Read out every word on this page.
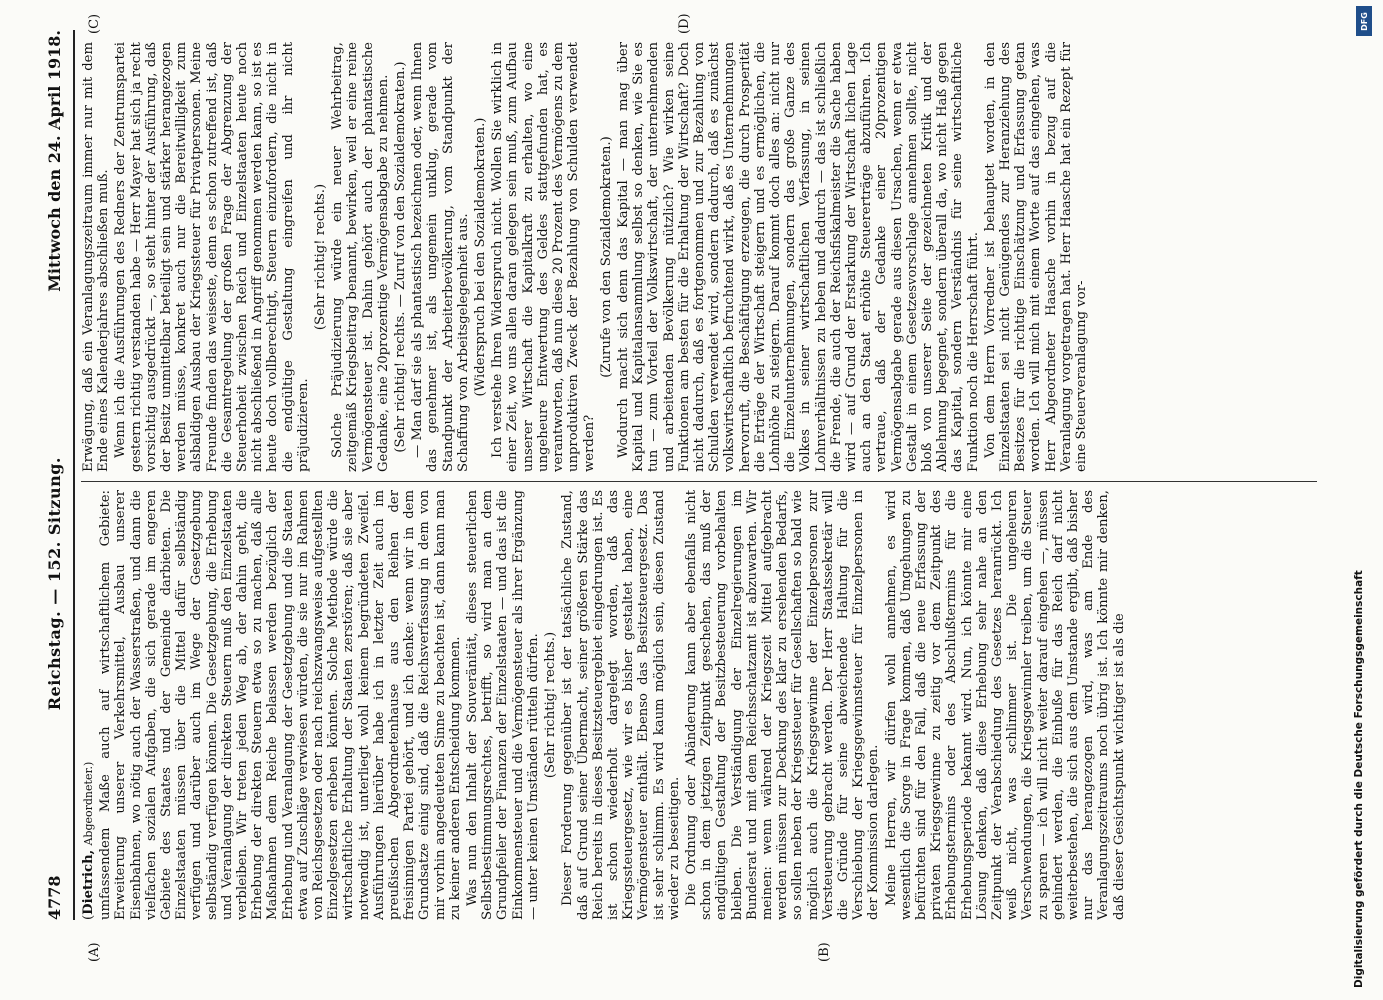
4778
Reichstag. — 152. Sitzung.
Mittwoch den 24. April 1918.
(A)	(B)
(C)	(D)

(Dietrich, Abgeordneter.) umfassendem Maße auch auf wirtschaftlichem Gebiete: Erweiterung unserer Verkehrsmittel, Ausbau unserer Eisenbahnen, wo nötig auch der Wasserstraßen, und dann die vielfachen sozialen Aufgaben, die sich gerade im engeren Gebiete des Staates und der Gemeinde darbieten. Die Einzelstaaten müssen über die Mittel dafür selbständig verfügen und darüber auch im Wege der Gesetzgebung selbständig verfügen können. Die Gesetzgebung, die Erhebung und Veranlagung der direkten Steuern muß den Einzelstaaten verbleiben. Wir treten jeden Weg ab, der dahin geht, die Erhebung der direkten Steuern etwa so zu machen, daß alle Maßnahmen dem Reiche belassen werden bezüglich der Erhebung und Veranlagung der Gesetzgebung und die Staaten etwa auf Zuschläge verwiesen würden, die sie nur im Rahmen von Reichsgesetzen oder nach reichszwangsweise aufgestellten Einzelgesetzen erheben könnten. Solche Methode würde die wirtschaftliche Erhaltung der Staaten zerstören; daß sie aber notwendig ist, unterliegt wohl keinem begründeten Zweifel. Ausführungen hierüber habe ich in letzter Zeit auch im preußischen Abgeordnetenhause aus den Reihen der freisinnigen Partei gehört, und ich denke: wenn wir in dem Grundsatze einig sind, daß die Reichsverfassung in dem von mir vorhin angedeuteten Sinne zu beachten ist, dann kann man zu keiner anderen Entscheidung kommen. Was nun den Inhalt der Souveränität, dieses steuerlichen Selbstbestimmungsrechtes, betrifft, so wird man an dem Grundpfeiler der Finanzen der Einzelstaaten — und das ist die Einkommensteuer und die Vermögensteuer als ihrer Ergänzung — unter keinen Umständen rütteln dürfen. (Sehr richtig! rechts.) Dieser Forderung gegenüber ist der tatsächliche Zustand, daß auf Grund seiner Übermacht, seiner größeren Stärke das Reich bereits in dieses Besitzsteuergebiet eingedrungen ist. Es ist schon wiederholt dargelegt worden, daß das Kriegssteuergesetz, wie wir es bisher gestaltet haben, eine Vermögensteuer enthält. Ebenso das Besitzsteuergesetz. Das ist sehr schlimm. Es wird kaum möglich sein, diesen Zustand wieder zu beseitigen. Die Ordnung oder Abänderung kann aber ebenfalls nicht schon in dem jetzigen Zeitpunkt geschehen, das muß der endgültigen Gestaltung der Besitzbesteuerung vorbehalten bleiben. Die Verständigung der Einzelregierungen im Bundesrat und mit dem Reichsschatzamt ist abzuwarten. Wir meinen: wenn während der Kriegszeit Mittel aufgebracht werden müssen zur Deckung des klar zu ersehenden Bedarfs, so sollen neben der Kriegssteuer für Gesellschaften so bald wie möglich auch die Kriegsgewinne der Einzelpersonen zur Versteuerung gebracht werden. Der Herr Staatssekretär will die Gründe für seine abweichende Haltung für die Verschiebung der Kriegsgewinnsteuer für Einzelpersonen in der Kommission darlegen. Meine Herren, wir dürfen wohl annehmen, es wird wesentlich die Sorge in Frage kommen, daß Umgehungen zu befürchten sind für den Fall, daß die neue Erfassung der privaten Kriegsgewinne zu zeitig vor dem Zeitpunkt des Erhebungstermins oder des Abschlußtermins für die Erhebungsperiode bekannt wird. Nun, ich könnte mir eine Lösung denken, daß diese Erhebung sehr nahe an den Zeitpunkt der Verabschiedung des Gesetzes heranrückt. Ich weiß nicht, was schlimmer ist. Die ungeheuren Verschwendungen, die Kriegsgewinnler treiben, um die Steuer zu sparen — ich will nicht weiter darauf eingehen —, müssen gehindert werden, die Einbuße für das Reich darf nicht weiterbestehen, die sich aus dem Umstande ergibt, daß bisher nur das herangezogen wird, was am Ende des Veranlagungszeitraums noch übrig ist. Ich könnte mir denken, daß dieser Gesichtspunkt wichtiger ist als die

Erwägung, daß ein Veranlagungszeitraum immer nur mit dem Ende eines Kalenderjahres abschließen muß. Wenn ich die Ausführungen des Redners der Zentrumspartei gestern richtig verstanden habe — Herr Mayer hat sich ja recht vorsichtig ausgedrückt —, so steht hinter der Ausführung, daß der Besitz unmittelbar beteiligt sein und stärker herangezogen werden müsse, konkret auch nur die Bereitwilligkeit zum alsbaldigen Ausbau der Kriegssteuer für Privatpersonen. Meine Freunde finden das weiseste, denn es schon zutreffend ist, daß die Gesamtregelung der großen Frage der Abgrenzung der Steuerhoheit zwischen Reich und Einzelstaaten heute noch nicht abschließend in Angriff genommen werden kann, so ist es heute doch vollberechtigt, Steuern einzufordern, die nicht in die endgültige Gestaltung eingreifen und ihr nicht präjudizieren.

(Sehr richtig! rechts.) Solche Präjudizierung würde ein neuer Wehrbeitrag, zeitgemäß Kriegsbeitrag benannt, bewirken, weil er eine reine Vermögensteuer ist. Dahin gehört auch der phantastische Gedanke, eine 20prozentige Vermögensabgabe zu nehmen. (Sehr richtig! rechts. — Zuruf von den Sozialdemokraten.) — Man darf sie als phantastisch bezeichnen oder, wenn Ihnen das genehmer ist, als ungemein unklug, gerade vom Standpunkt der Arbeiterbevölkerung, vom Standpunkt der Schaffung von Arbeitsgelegenheit aus. (Widerspruch bei den Sozialdemokraten.) Ich verstehe Ihren Widerspruch nicht. Wollen Sie wirklich in einer Zeit, wo uns allen daran gelegen sein muß, zum Aufbau unserer Wirtschaft die Kapitalkraft zu erhalten, wo eine ungeheure Entwertung des Geldes stattgefunden hat, es verantworten, daß nun diese 20 Prozent des Vermögens zu dem unproduktiven Zweck der Bezahlung von Schulden verwendet werden?

(Zurufe von den Sozialdemokraten.) Wodurch macht sich denn das Kapital — man mag über Kapital und Kapitalansammlung selbst so denken, wie Sie es tun — zum Vorteil der Volkswirtschaft, der unternehmenden und arbeitenden Bevölkerung nützlich? Wie wirken seine Funktionen am besten für die Erhaltung der Wirtschaft? Doch nicht dadurch, daß es fortgenommen und zur Bezahlung von Schulden verwendet wird, sondern dadurch, daß es zunächst volkswirtschaftlich befruchtend wirkt, daß es Unternehmungen hervorruft, die Beschäftigung erzeugen, die durch Prosperität die Erträge der Wirtschaft steigern und es ermöglichen, die Lohnhöhe zu steigern. Darauf kommt doch alles an: nicht nur die Einzelunternehmungen, sondern das große Ganze des Volkes in seiner wirtschaftlichen Verfassung, in seinen Lohnverhältnissen zu heben und dadurch — das ist schließlich die Frende, die auch der Reichsfiskalmeister die Sache haben wird — auf Grund der Erstarkung der Wirtschaft lichen Lage auch an den Staat erhöhte Steuererträge abzuführen. Ich vertraue, daß der Gedanke einer 20prozentigen Vermögensabgabe gerade aus diesen Ursachen, wenn er etwa Gestalt in einem Gesetzesvorschlage annehmen sollte, nicht bloß von unserer Seite der gezeichneten Kritik und der Ablehnung begegnet, sondern überall da, wo nicht Haß gegen das Kapital, sondern Verständnis für seine wirtschaftliche Funktion noch die Herrschaft führt. Von dem Herrn Vorredner ist behauptet worden, in den Einzelstaaten sei nicht Genügendes zur Heranziehung des Besitzes für die richtige Einschätzung und Erfassung getan worden. Ich will mich mit einem Worte auf das eingehen, was Herr Abgeordneter Haasche vorhin in bezug auf die Veranlagung vorgetragen hat. Herr Haasche hat ein Rezept für eine Steuerveranlagung vor-

DFG
Digitalisierung gefördert durch die Deutsche Forschungsgemeinschaft
